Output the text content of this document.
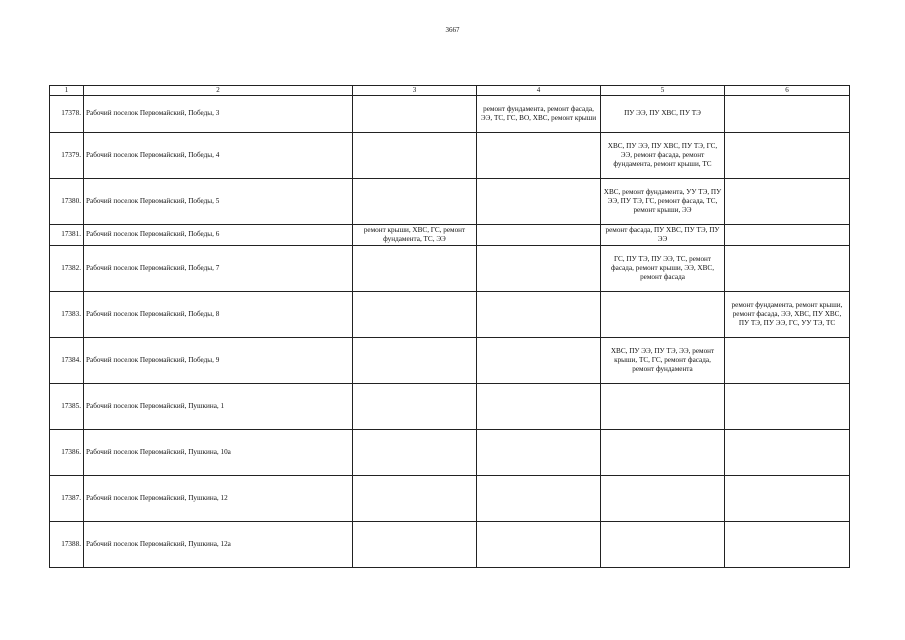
3667
1	2	3	4	5	6
17378.	Рабочий поселок Первомайский, Победы, 3		ремонт фундамента, ремонт фасада, ЭЭ, ТС, ГС, ВО, ХВС, ремонт крыши	ПУ ЭЭ, ПУ ХВС, ПУ ТЭ	
17379.	Рабочий поселок Первомайский, Победы, 4			ХВС, ПУ ЭЭ, ПУ ХВС, ПУ ТЭ, ГС, ЭЭ, ремонт фасада, ремонт фундамента, ремонт крыши, ТС	
17380.	Рабочий поселок Первомайский, Победы, 5			ХВС, ремонт фундамента, УУ ТЭ, ПУ ЭЭ, ПУ ТЭ, ГС, ремонт фасада, ТС, ремонт крыши, ЭЭ	
17381.	Рабочий поселок Первомайский, Победы, 6	ремонт крыши, ХВС, ГС, ремонт фундамента, ТС, ЭЭ		ремонт фасада, ПУ ХВС, ПУ ТЭ, ПУ ЭЭ	
17382.	Рабочий поселок Первомайский, Победы, 7			ГС, ПУ ТЭ, ПУ ЭЭ, ТС, ремонт фасада, ремонт крыши, ЭЭ, ХВС, ремонт фасада	
17383.	Рабочий поселок Первомайский, Победы, 8				ремонт фундамента, ремонт крыши, ремонт фасада, ЭЭ, ХВС, ПУ ХВС, ПУ ТЭ, ПУ ЭЭ, ГС, УУ ТЭ, ТС
17384.	Рабочий поселок Первомайский, Победы, 9			ХВС, ПУ ЭЭ, ПУ ТЭ, ЭЭ, ремонт крыши, ТС, ГС, ремонт фасада, ремонт фундамента	
17385.	Рабочий поселок Первомайский, Пушкина, 1				
17386.	Рабочий поселок Первомайский, Пушкина, 10а				
17387.	Рабочий поселок Первомайский, Пушкина, 12				
17388.	Рабочий поселок Первомайский, Пушкина, 12а				
